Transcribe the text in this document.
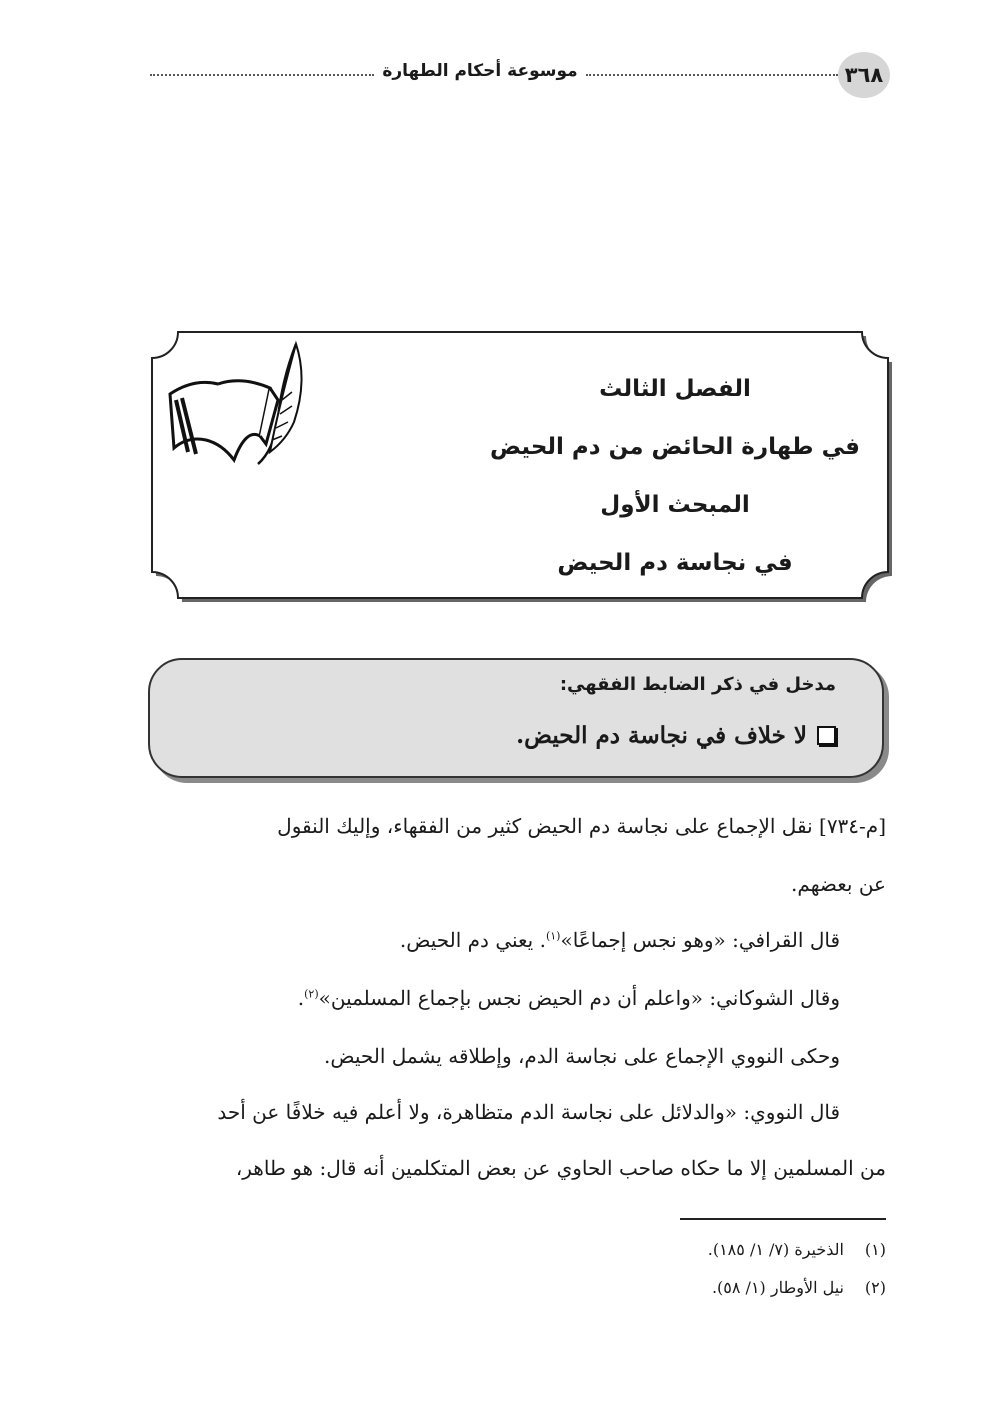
موسوعة أحكام الطهارة	٣٦٨
الفصل الثالث
في طهارة الحائض من دم الحيض
المبحث الأول
في نجاسة دم الحيض
مدخل في ذكر الضابط الفقهي:
لا خلاف في نجاسة دم الحيض.
[م-٧٣٤] نقل الإجماع على نجاسة دم الحيض كثير من الفقهاء، وإليك النقول
عن بعضهم.
قال القرافي: «وهو نجس إجماعًا»$^{(١)}$. يعني دم الحيض.
وقال الشوكاني: «واعلم أن دم الحيض نجس بإجماع المسلمين»$^{(٢)}$.
وحكى النووي الإجماع على نجاسة الدم، وإطلاقه يشمل الحيض.
قال النووي: «والدلائل على نجاسة الدم متظاهرة، ولا أعلم فيه خلافًا عن أحد
من المسلمين إلا ما حكاه صاحب الحاوي عن بعض المتكلمين أنه قال: هو طاهر،
(١)الذخيرة (٧/ ١/ ١٨٥).
(٢)نيل الأوطار (١/ ٥٨).
